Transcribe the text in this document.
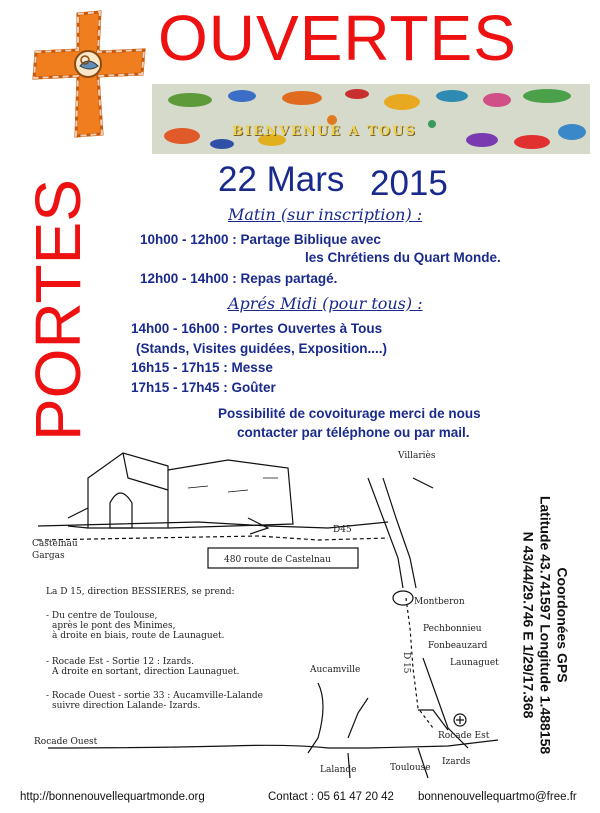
OUVERTES
BIENVENUE A TOUS
PORTES	22 Mars 2015
Matin (sur inscription) :
10h00 - 12h00 : Partage Biblique avec
les Chrétiens du Quart Monde.
12h00 - 14h00 : Repas partagé.
Aprés Midi (pour tous) :
14h00 - 16h00 : Portes Ouvertes à Tous
(Stands, Visites guidées, Exposition....)
16h15 - 17h15 : Messe
17h15 - 17h45 : Goûter
Possibilité de covoiturage merci de nous
contacter par téléphone ou par mail.
Villariès
Castelnau
Gargas
D45
480 route de Castelnau
Montberon
Pechbonnieu
Fonbeauzard
Launaguet
D 15
Aucamville
Rocade Est
Rocade Ouest
Lalande	Toulouse
Izards
La D 15, direction BESSIERES, se prend:
- Du centre de Toulouse,
après le pont des Minimes,
à droite en biais, route de Launaguet.
- Rocade Est - Sortie 12 : Izards.
A droite en sortant, direction Launaguet.
- Rocade Ouest - sortie 33 : Aucamville-Lalande
suivre direction Lalande- Izards.
Coordonées GPS
Latitude 43.741597 Longitude 1.488158
N 43/44/29.746 E 1/29/17.368
http://bonnenouvellequartmonde.org	Contact : 05 61 47 20 42 bonnenouvellequartmo@free.fr
